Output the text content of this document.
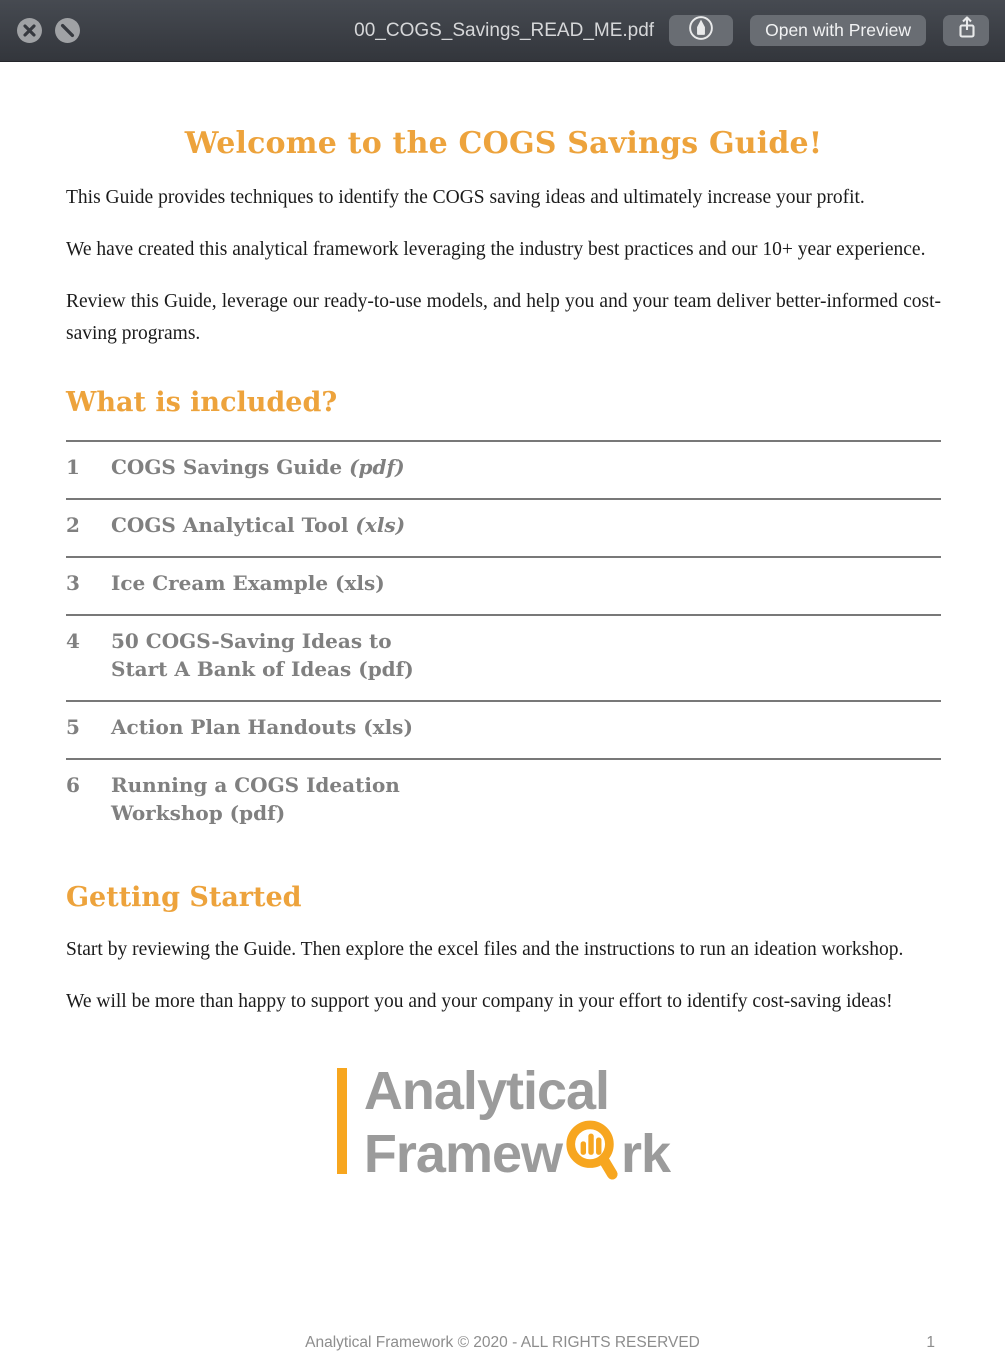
00_COGS_Savings_READ_ME.pdf	Open with Preview
Welcome to the COGS Savings Guide!

This Guide provides techniques to identify the COGS saving ideas and ultimately increase your profit.

We have created this analytical framework leveraging the industry best practices and our 10+ year experience.

Review this Guide, leverage our ready-to-use models, and help you and your team deliver better-informed cost-saving programs.

What is included?
1	COGS Savings Guide (pdf)
2	COGS Analytical Tool (xls)
3	Ice Cream Example (xls)
4	50 COGS-Saving Ideas to Start A Bank of Ideas (pdf)
5	Action Plan Handouts (xls)
6	Running a COGS Ideation Workshop (pdf)
Getting Started

Start by reviewing the Guide. Then explore the excel files and the instructions to run an ideation workshop.

We will be more than happy to support you and your company in your effort to identify cost-saving ideas!

Analytical
Framew rk
Analytical Framework © 2020 - ALL RIGHTS RESERVED	1
